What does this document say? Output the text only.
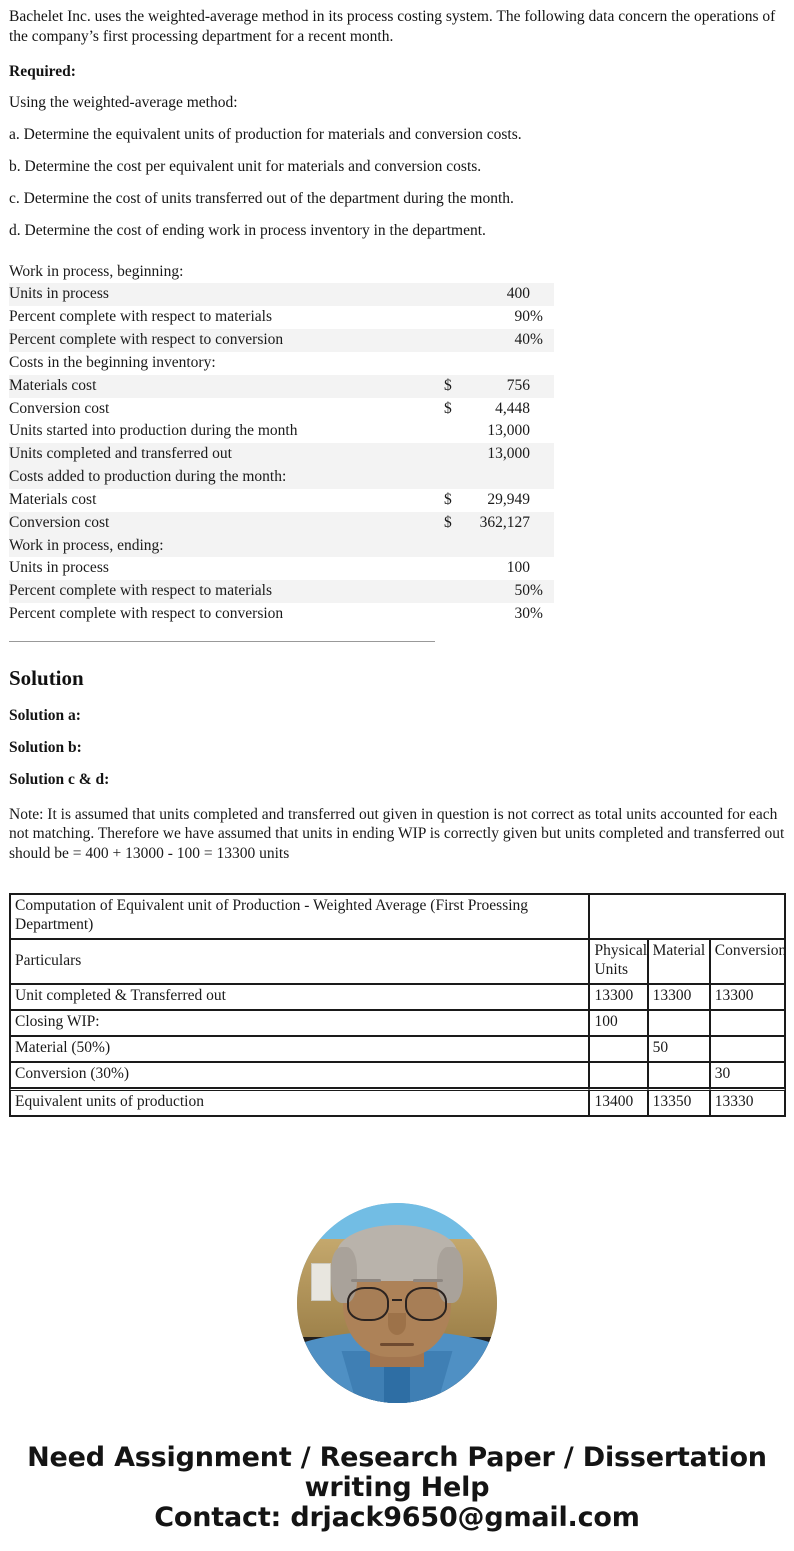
Bachelet Inc. uses the weighted-average method in its process costing system. The following data concern the operations of the company’s first processing department for a recent month.

Required:

Using the weighted-average method:

a. Determine the equivalent units of production for materials and conversion costs.

b. Determine the cost per equivalent unit for materials and conversion costs.

c. Determine the cost of units transferred out of the department during the month.

d. Determine the cost of ending work in process inventory in the department.

Work in process, beginning:				
Units in process			400	
Percent complete with respect to materials			90	%
Percent complete with respect to conversion			40	%
Costs in the beginning inventory:				
Materials cost		$	756	
Conversion cost		$	4,448	
Units started into production during the month			13,000	
Units completed and transferred out			13,000	
Costs added to production during the month:				
Materials cost		$	29,949	
Conversion cost		$	362,127	
Work in process, ending:				
Units in process			100	
Percent complete with respect to materials			50	%
Percent complete with respect to conversion			30	%

Solution

Solution a:

Solution b:

Solution c & d:

Note: It is assumed that units completed and transferred out given in question is not correct as total units accounted for each not matching. Therefore we have assumed that units in ending WIP is correctly given but units completed and transferred out should be = 400 + 13000 - 100 = 13300 units

Computation of Equivalent unit of Production - Weighted Average (First Proessing Department)			
Particulars	Physical Units	Material	Conversion
Unit completed & Transferred out	13300	13300	13300
Closing WIP:	100		
Material (50%)		50	
Conversion (30%)			30
Equivalent units of production	13400	13350	13330
Need Assignment / Research Paper / Dissertation
writing Help
Contact: drjack9650@gmail.com
